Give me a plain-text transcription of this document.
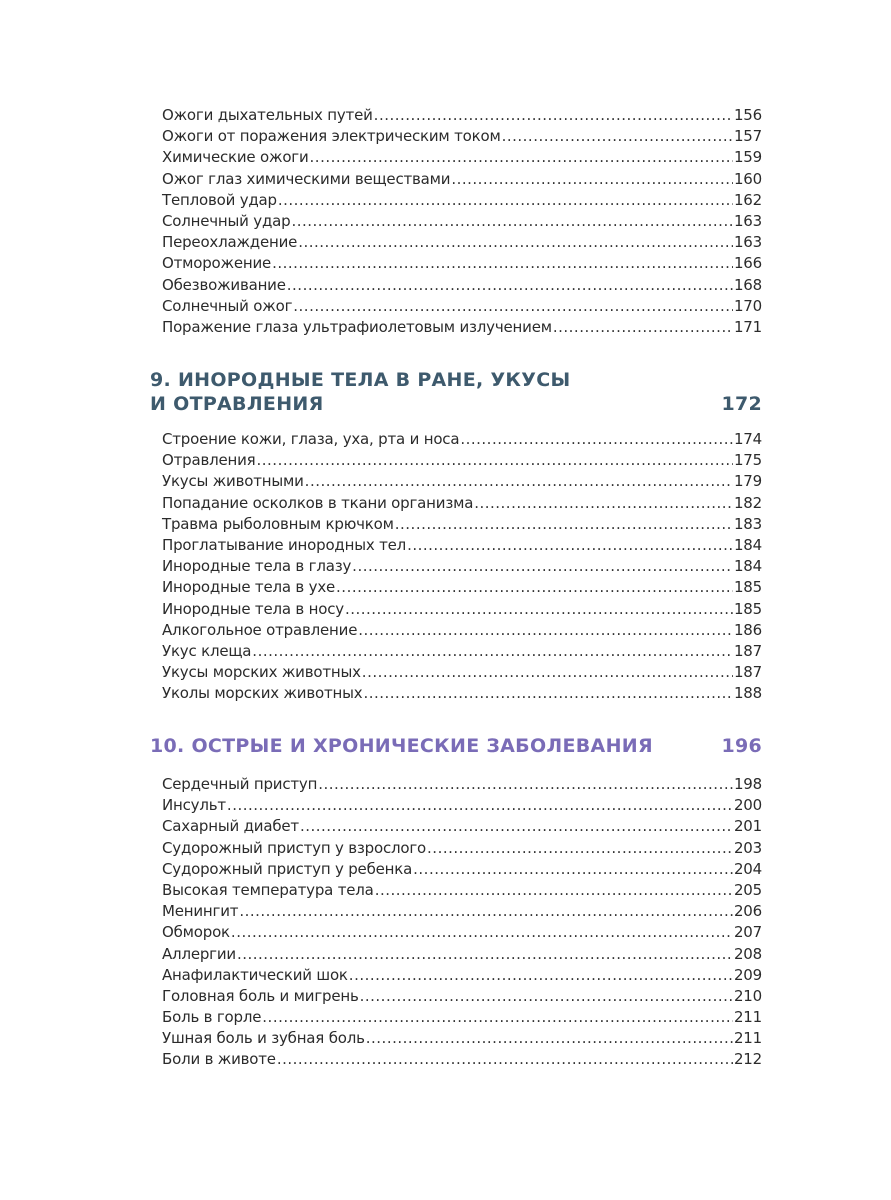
Ожоги дыхательных путей .....	156
Ожоги от поражения электрическим током .....	157
Химические ожоги .....	159
Ожог глаз химическими веществами .....	160
Тепловой удар .....	162
Солнечный удар .....	163
Переохлаждение .....	163
Отморожение .....	166
Обезвоживание .....	168
Солнечный ожог .....	170
Поражение глаза ультрафиолетовым излучением .....	171
9. ИНОРОДНЫЕ ТЕЛА В РАНЕ, УКУСЫ
И ОТРАВЛЕНИЯ	172
Строение кожи, глаза, уха, рта и носа .....	174
Отравления .....	175
Укусы животными .....	179
Попадание осколков в ткани организма .....	182
Травма рыболовным крючком .....	183
Проглатывание инородных тел .....	184
Инородные тела в глазу .....	184
Инородные тела в ухе .....	185
Инородные тела в носу .....	185
Алкогольное отравление .....	186
Укус клеща .....	187
Укусы морских животных .....	187
Уколы морских животных .....	188
10. ОСТРЫЕ И ХРОНИЧЕСКИЕ ЗАБОЛЕВАНИЯ	196
Сердечный приступ .....	198
Инсульт .....	200
Сахарный диабет .....	201
Судорожный приступ у взрослого .....	203
Судорожный приступ у ребенка .....	204
Высокая температура тела .....	205
Менингит .....	206
Обморок .....	207
Аллергии .....	208
Анафилактический шок .....	209
Головная боль и мигрень .....	210
Боль в горле .....	211
Ушная боль и зубная боль .....	211
Боли в животе .....	212
